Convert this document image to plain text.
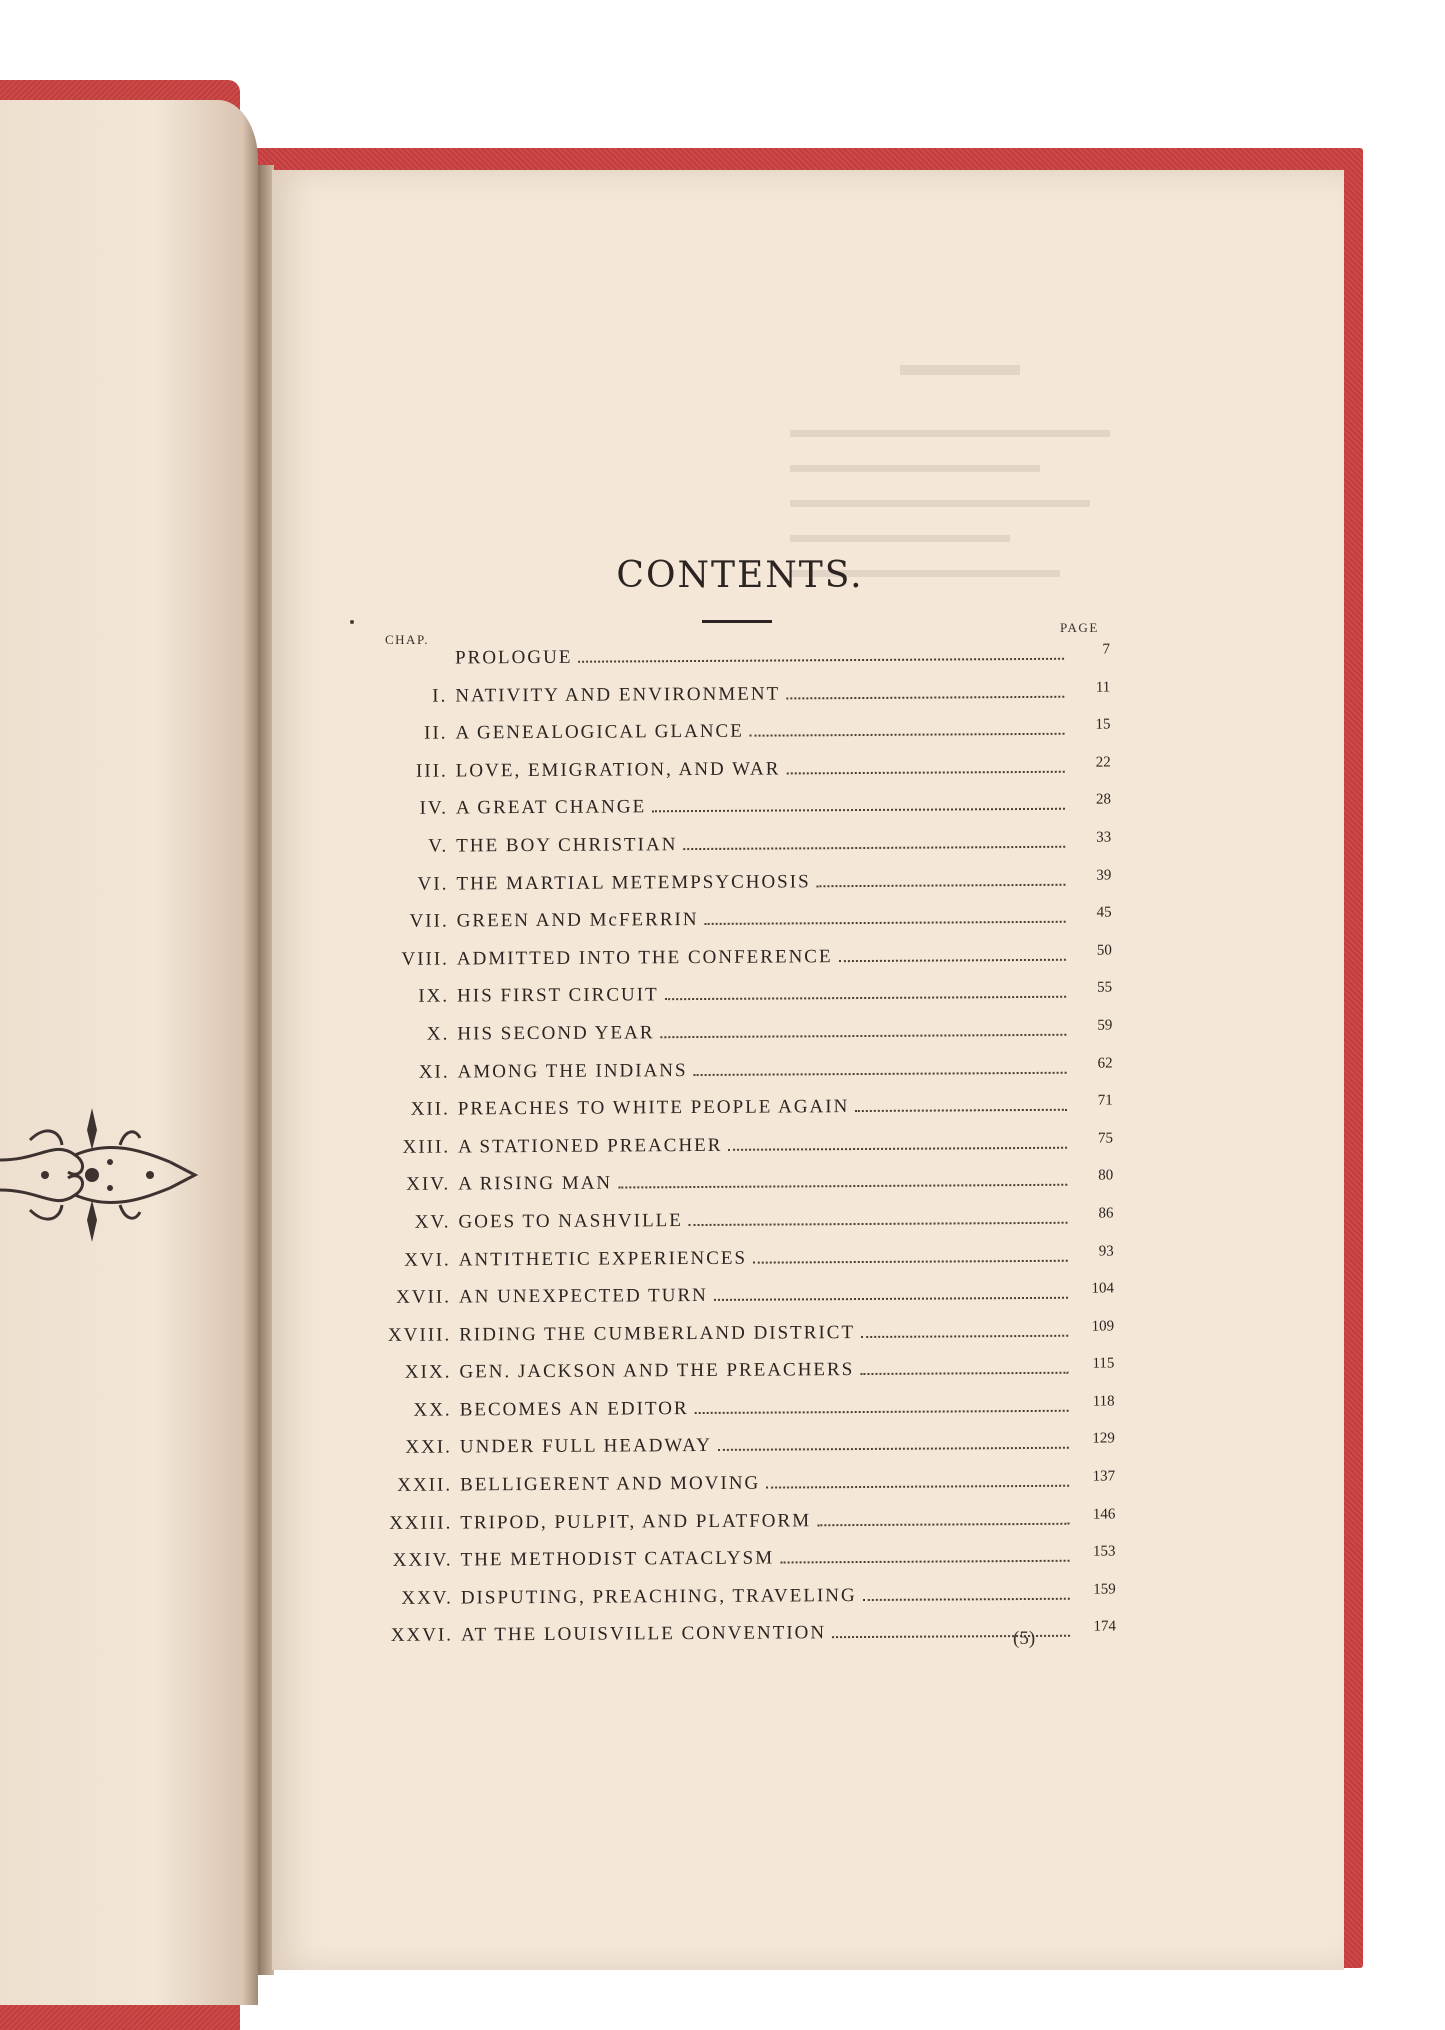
CONTENTS.
CHAP.
PAGE
PROLOGUE	7
I. NATIVITY AND ENVIRONMENT	11
II. A GENEALOGICAL GLANCE	15
III. LOVE, EMIGRATION, AND WAR	22
IV. A GREAT CHANGE	28
V. THE BOY CHRISTIAN	33
VI. THE MARTIAL METEMPSYCHOSIS	39
VII. GREEN AND McFERRIN	45
VIII. ADMITTED INTO THE CONFERENCE	50
IX. HIS FIRST CIRCUIT	55
X. HIS SECOND YEAR	59
XI. AMONG THE INDIANS	62
XII. PREACHES TO WHITE PEOPLE AGAIN	71
XIII. A STATIONED PREACHER	75
XIV. A RISING MAN	80
XV. GOES TO NASHVILLE	86
XVI. ANTITHETIC EXPERIENCES	93
XVII. AN UNEXPECTED TURN	104
XVIII. RIDING THE CUMBERLAND DISTRICT	109
XIX. GEN. JACKSON AND THE PREACHERS	115
XX. BECOMES AN EDITOR	118
XXI. UNDER FULL HEADWAY	129
XXII. BELLIGERENT AND MOVING	137
XXIII. TRIPOD, PULPIT, AND PLATFORM	146
XXIV. THE METHODIST CATACLYSM	153
XXV. DISPUTING, PREACHING, TRAVELING	159
XXVI. AT THE LOUISVILLE CONVENTION	174
(5)
